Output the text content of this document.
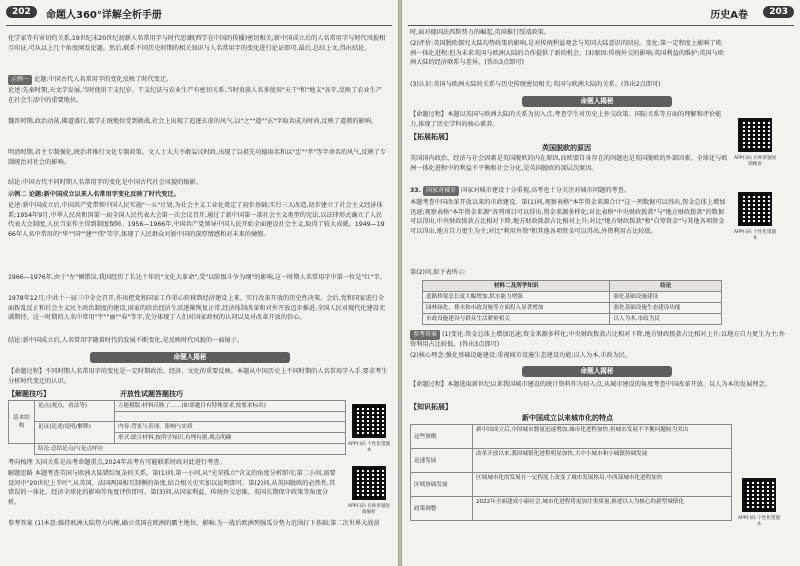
202	命题人360°详解全析手册
化学家等有害切约关系,19世纪末20世纪初新人名常用字与时代思潮(西学在中国的传播)密切相关;新中国成立后的人名常用字与时代风貌相互印证,可从以上几个角度阐发论题。然后,联系不同历史时期的相关知识与人名常用字的变化进行论证即可,最后,总结上文,得出结论。
示例一 论题:中国古代人名常用字的变化反映了时代变迁。
论述:先秦时期,天文学发展,当时使用干支纪岁。干支纪法与农业生产有密切关系,当时贵族人名多使用"天干"和"地支"各字,反映了农业生产在社会生活中的重要地位。
魏晋时期,政治动荡,佛道盛行,儒学正统地位受到挑战,社会上出现了追逐玄虚的风气,以"之""道""玄"字取名成为时尚,反映了道教的影响。
明清时期,君主专制强化,统治者推行文化专制政策。文人士大夫不敢妄议时政,出现了以祖先功德取名和以"忠""孝"等字命名的风气,反映了专制统治对社会的影响。
结论:中国古代不同时期人名常用字的变化是中国古代社会风貌的缩影。
示例二 论题:新中国成立以来人名常用字变化反映了时代变迁。
论述:新中国成立后,中国共产党带领中国人民实施"一五"计划,为社会主义工业化奠定了初步基础;实行三大改造,初步建立了社会主义经济体系;1954年9月,中华人民共和国第一届全国人民代表大会第一次会议召开,通过了新中国第一部社会主义类型的宪法,以法律形式确立了人民代表大会制度,人民当家作主得到制度保障。1956—1966年,中国共产党领导中国人民开始全面建设社会主义,取得了较大成就。1949—1966年人名中常用的"华""国""建""伟"等字,体现了人民群众对新中国的深厚情感和对未来的憧憬。
1966—1976年,由于"左"倾错误,我国经历了长达十年的"文化大革命",受"以阶级斗争为纲"的影响,这一时期人名常用字中第一位是"红"字。
1978年12月,中共十一届三中全会召开,作出把党和国家工作重心转移到经济建设上来、实行改革开放的历史性决策。会后,党和国家进行全面拨乱反正和社会主义民主政治制度的建设,国家的政治经济生活逐渐恢复正常,经济体制改革和对外开放迈步推进,全国人民对现代化建设充满期待。这一时期的人名中常用"宇""丽""春"等字,充分体现了人们对国家政权的认同以及对改革开放的信心。
结论:新中国成立后,人名常用字随着时代的发展不断变化,是反映时代风貌的一面镜子。
命题人揭秘
【命题过程】不同时期人名常用字的变化是一定时期政治、经济、文化的重要反映。本题从中国历史上不同时期的人名常用字入手,要求考生分析时代变迁的认识。
【解题技巧】	开放性试题答题技巧
基本结构	论点(观点、看法等)	万能模版:材料反映了……(如果题目有特殊要求,按要求标出)

	论证(论述/说明/解释)	内容:背景与表现、影响与实质
		形式:联合材料,按所学知识,有理有据,观点明确
	结论:总结论点/与论点呼应	
APP扫码 个性化错题本
考向梳理 大国关系是高考命题重点,2024年高考有可能联系时政对此进行考查。
解题思路 本题考查英国与欧洲大陆错综复杂的关系。第(1)问,第一小问,从"光荣孤立"含义的角度分析即可;第二小问,需要设问中"20世纪上半叶",从英国、法国两国相互制衡的角度,结合相关史实加以说明即可。第(2)问,从英国脱欧的必然性,其错误的一体化、经济全球化的影响等角度评价即可。第(3)问,从国家利益、传统外交思维、英国长期保守政策等角度分析。
参考答案 (1)本意:维持欧洲大陆势力均衡,确立英国在欧洲的霸主地位。影响:为一战后欧洲列强瓜分势力范围打下基础;第二次世界大战前
APP扫码 名师讲题思路解析
历史A卷	203
时,面对德国法西斯势力的崛起,英国推行绥靖政策。
(2)评价:英国脱欧探究大陆均势政策的影响,是对传统利益观念与英国大陆意识的回应。变化:第一定程度上影响了欧洲一体化进程;但为未来英国与欧洲大陆的合作提供了新的机会。(3)原因:传统外交的影响;英国利益的维护;英国与欧洲大陆的经济联系与差异。(答出3点即可)
(3)认识:英国与欧洲大陆的关系与历史传统密切相关;英国与欧洲大陆的关系。(答出2点即可)
命题人揭秘
【命题过程】本题以英国与欧洲大陆的关系为切入点,考查学生对历史上外交政策、国际关系等方面的理解和评价能力,体现了历史学科的核心素养。
【拓展拓展】
英国脱欧的原因
英国国内政治、经济与社会因素是英国脱欧的内在原因,而欧盟自身存在的问题也是英国脱欧的外部因素。全球化与欧洲一体化进程中的利益不平衡和社会分化,是英国脱欧的深层次原因。
APP扫码 名师讲题视频精讲
33. 国家对城市 国家对城市建设十分重视,高考也十分关注对城市问题的考查。
本题考查中国改革开放以来的市政建设。第(1)问,观察表格"本年资金来源合计"这一列数据可以得出,资金总体上增加迅速;观察表格"本年资金来源"各列项目可以得出,资金来源多样化;对比表格"中央财政拨款"与"地方财政拨款"的数据可以得出,中央财政拨款占比相对下降,地方财政拨款占比相对上升;对比"地方财政拨款"和"自筹资金"与其他各项资金可以得出,地方自力更生为主;对比"利用外资"和其他各项资金可以得出,外资利用占比较低。
第(2)问,如下表所示:
APP扫码 个性化错题本
材料二及所学知识	结论
道路桥梁总长度大幅增加,供水能力增强	强化基础设施建设
园林绿化、排水和市政设施等方面投入显著增加	强化基础设施生态建设功能
市政设施建设与群众生活紧密相关	以人为本,市政为民
参考答案 (1)变化:资金总体上增加迅速;资金来源多样化;中央财政拨款占比相对下降,地方财政拨款占比相对上升;以地方自力更生为主;外资利用占比较低。(答出3点即可)
(2)核心理念:强化基础设施建设;重视城市设施生态建设功能;以人为本,市政为民。
命题人揭秘
【命题过程】本题选取新世纪以来我国城市建设的统计资料作为切入点,从城市建设的角度考查中国改革开放、以人为本的发展理念。
【知识拓展】
新中国成立以来城市化的特点
这些规模	新中国成立后,中国城市数量迅速增加,城市化进程加快,但城市发展不平衡问题较为突出
迅速发展	改革开放以来,我国城镇化进程明显加快,大中小城市和小城镇协调发展
区域协调发展	区域城市化的发展在一定程度上改变了城市发展格局,中西部城市化进程加快
政策调整	2022年全面建成小康社会,城市化进程将更加注重质量,推进以人为核心的新型城镇化
APP扫码 个性化错题本
